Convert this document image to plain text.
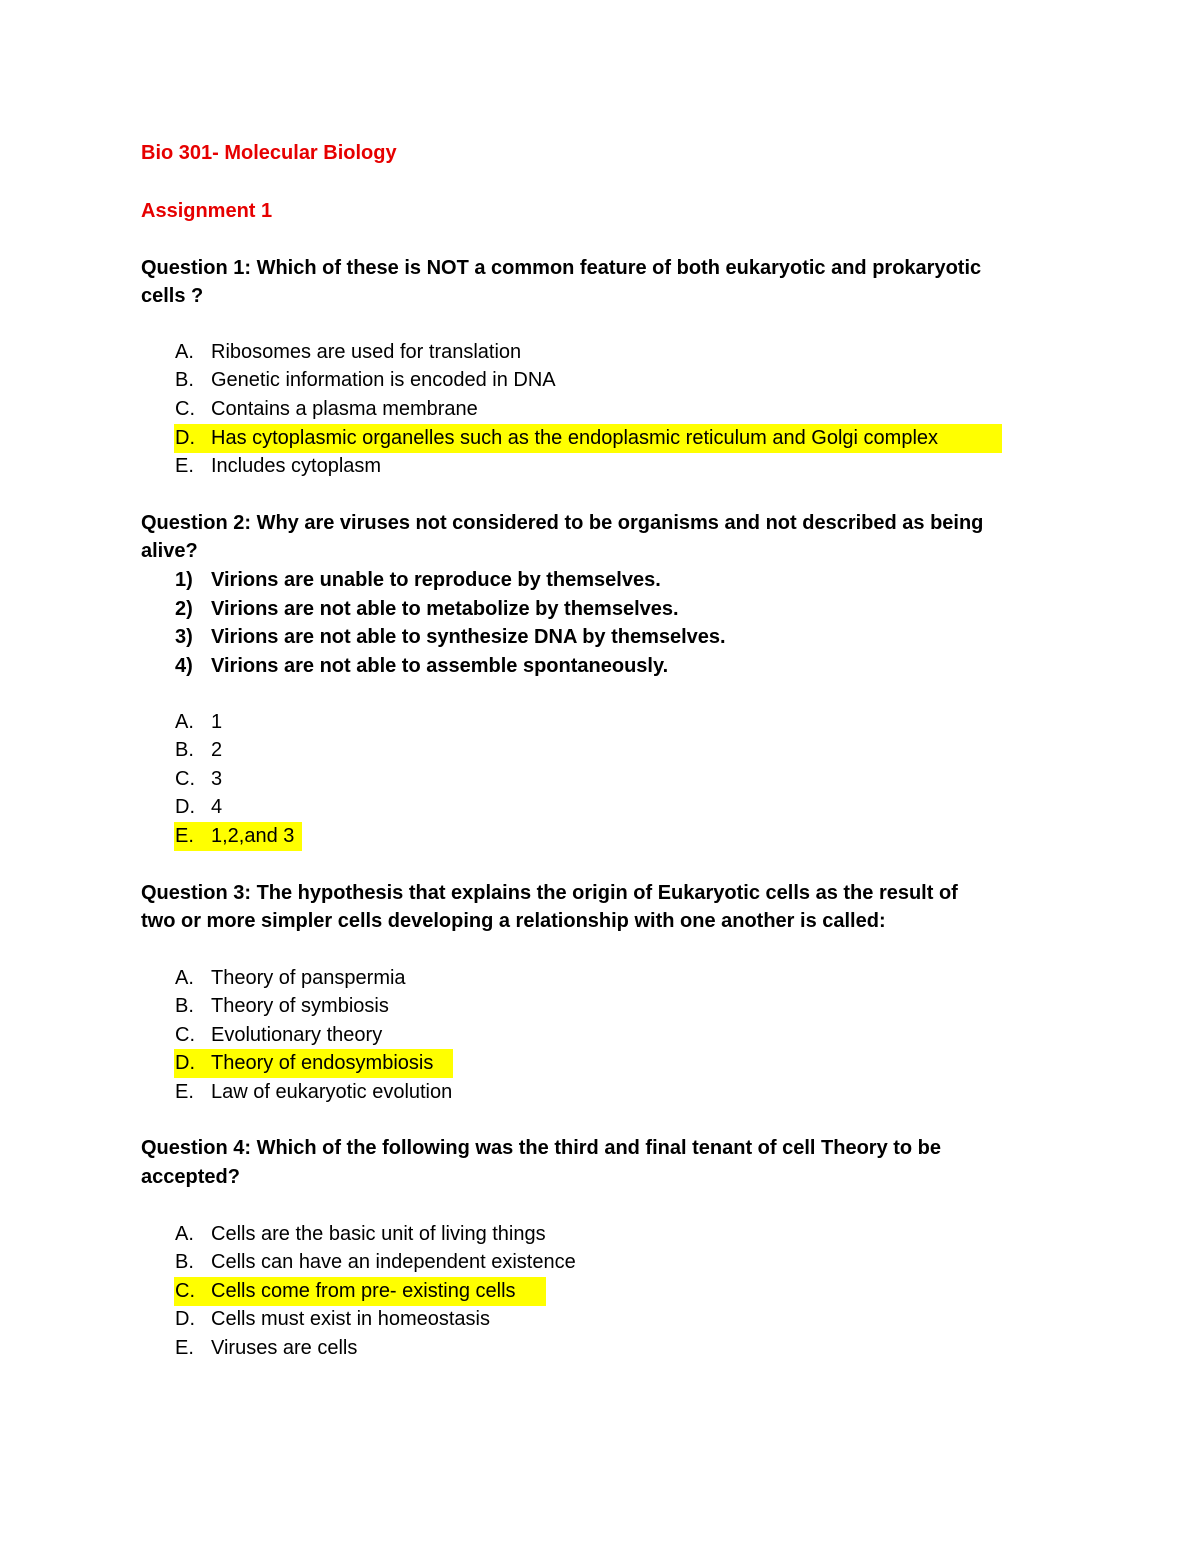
Bio 301- Molecular Biology
Assignment 1
Question 1: Which of these is NOT a common feature of both eukaryotic and prokaryotic
cells ?
A. Ribosomes are used for translation
B. Genetic information is encoded in DNA
C. Contains a plasma membrane
D. Has cytoplasmic organelles such as the endoplasmic reticulum and Golgi complex
E. Includes cytoplasm
Question 2: Why are viruses not considered to be organisms and not described as being
alive?
1) Virions are unable to reproduce by themselves.
2) Virions are not able to metabolize by themselves.
3) Virions are not able to synthesize DNA by themselves.
4) Virions are not able to assemble spontaneously.
A. 1
B. 2
C. 3
D. 4
E. 1,2,and 3
Question 3: The hypothesis that explains the origin of Eukaryotic cells as the result of
two or more simpler cells developing a relationship with one another is called:
A. Theory of panspermia
B. Theory of symbiosis
C. Evolutionary theory
D. Theory of endosymbiosis
E. Law of eukaryotic evolution
Question 4: Which of the following was the third and final tenant of cell Theory to be
accepted?
A. Cells are the basic unit of living things
B. Cells can have an independent existence
C. Cells come from pre- existing cells
D. Cells must exist in homeostasis
E. Viruses are cells
